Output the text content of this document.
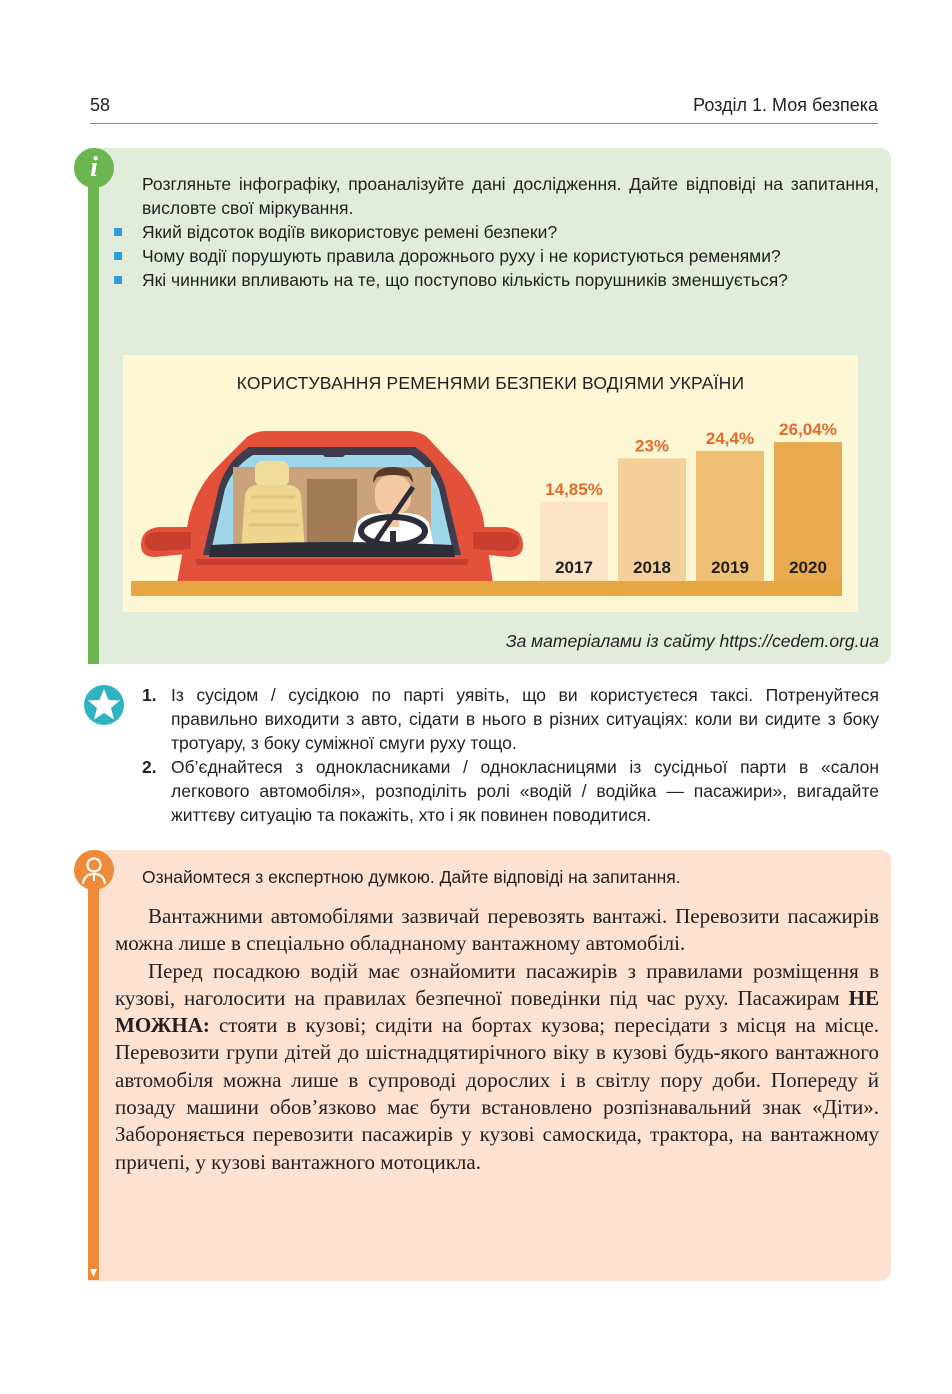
58	Розділ 1. Моя безпека
i

Розгляньте інфографіку, проаналізуйте дані дослідження. Дайте відповіді на запитання, висловте свої міркування.

Який відсоток водіїв використовує ремені безпеки?
Чому водії порушують правила дорожнього руху і не користуються ременями?
Які чинники впливають на те, що поступово кількість порушників зменшується?
КОРИСТУВАННЯ РЕМЕНЯМИ БЕЗПЕКИ ВОДІЯМИ УКРАЇНИ
14,85%
2017
23%
2018
24,4%
2019
26,04%
2020
За матеріалами із сайту https://cedem.org.ua
1. Із сусідом / сусідкою по парті уявіть, що ви користуєтеся таксі. Потренуйтеся правильно виходити з авто, сідати в нього в різних ситуаціях: коли ви сидите з боку тротуару, з боку суміжної смуги руху тощо.
2. Об’єднайтеся з однокласниками / однокласницями із сусідньої парти в «салон легкового автомобіля», розподіліть ролі «водій / водійка — пасажири», вигадайте життєву ситуацію та покажіть, хто і як повинен поводитися.
Ознайомтеся з експертною думкою. Дайте відповіді на запитання.

Вантажними автомобілями зазвичай перевозять вантажі. Перевозити пасажирів можна лише в спеціально обладнаному вантажному автомобілі.

Перед посадкою водій має ознайомити пасажирів з правилами розміщення в кузові, наголосити на правилах безпечної поведінки під час руху. Пасажирам НЕ МОЖНА: стояти в кузові; сидіти на бортах кузова; пересідати з місця на місце. Перевозити групи дітей до шістнадцятирічного віку в кузові будь-якого вантажного автомобіля можна лише в супроводі дорослих і в світлу пору доби. Попереду й позаду машини обов’язково має бути встановлено розпізнавальний знак «Діти». Забороняється перевозити пасажирів у кузові самоскида, трактора, на вантажному причепі, у кузові вантажного мотоцикла.
